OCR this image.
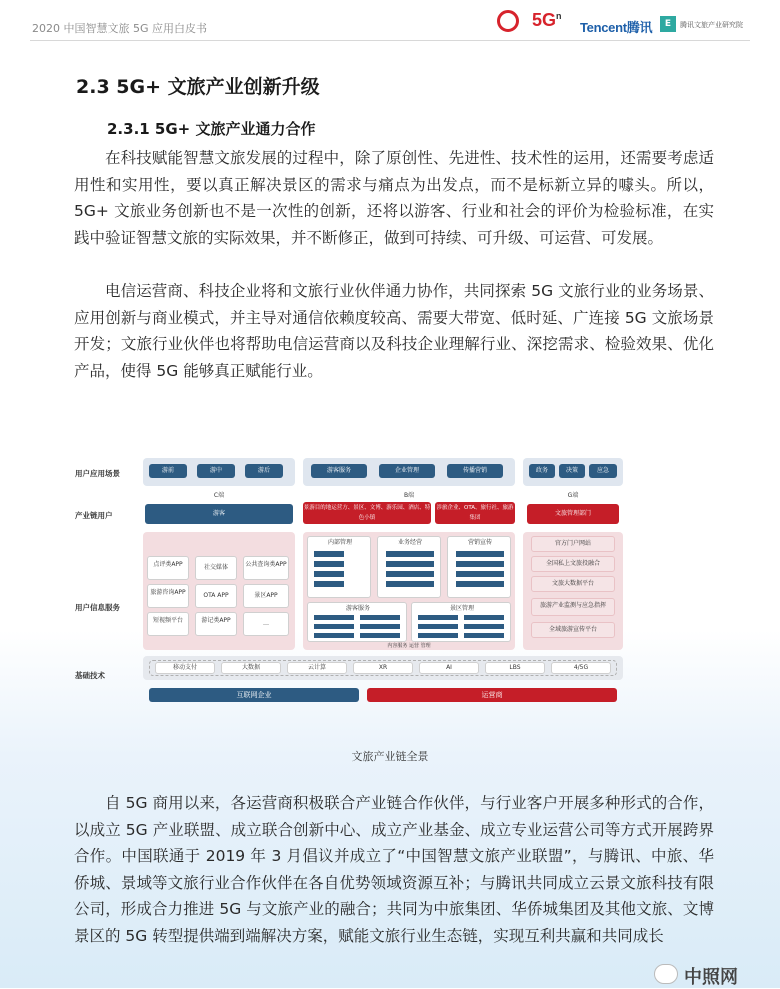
2020 中国智慧文旅 5G 应用白皮书
	$5G^n$
Tencent腾讯	E	腾讯文旅产业研究院
2.3 5G+ 文旅产业创新升级
2.3.1 5G+ 文旅产业通力合作

在科技赋能智慧文旅发展的过程中，除了原创性、先进性、技术性的运用，还需要考虑适用性和实用性，要以真正解决景区的需求与痛点为出发点，而不是标新立异的噱头。所以，5G+ 文旅业务创新也不是一次性的创新，还将以游客、行业和社会的评价为检验标准，在实践中验证智慧文旅的实际效果，并不断修正，做到可持续、可升级、可运营、可发展。

电信运营商、科技企业将和文旅行业伙伴通力协作，共同探索 5G 文旅行业的业务场景、应用创新与商业模式，并主导对通信依赖度较高、需要大带宽、低时延、广连接 5G 文旅场景开发；文旅行业伙伴也将帮助电信运营商以及科技企业理解行业、深挖需求、检验效果、优化产品，使得 5G 能够真正赋能行业。

用户应用场景
产业链用户
用户信息服务
基础技术
游前	游中	游后	游客服务	企业管理	传播营销	政务	决策	应急
C端	B端	G端
游客
景游目的地运营方、景区、文博、游乐园、酒店、特色小镇
涉旅企业、OTA、旅行社、旅游集团
文旅管理部门
点评类APP	社交媒体	公共查询类APP
旅游咨询APP	OTA APP	景区APP
短视频平台	游记类APP	…
内部管理	业务经营	营销宣传
游客服务	景区管理
内容服务 运营 管理
官方门户网站
全国私上文旅投融合
文旅大数据平台
旅游产业监测与应急指挥
全域旅游宣传平台
移动支付	大数据	云计算	XR	AI	LBS	4/5G
互联网企业	运营商
文旅产业链全景

自 5G 商用以来，各运营商积极联合产业链合作伙伴，与行业客户开展多种形式的合作，以成立 5G 产业联盟、成立联合创新中心、成立产业基金、成立专业运营公司等方式开展跨界合作。中国联通于 2019 年 3 月倡议并成立了“中国智慧文旅产业联盟”，与腾讯、中旅、华侨城、景域等文旅行业合作伙伴在各自优势领域资源互补；与腾讯共同成立云景文旅科技有限公司，形成合力推进 5G 与文旅产业的融合；共同为中旅集团、华侨城集团及其他文旅、文博景区的 5G 转型提供端到端解决方案，赋能文旅行业生态链，实现互利共赢和共同成长

中照网
